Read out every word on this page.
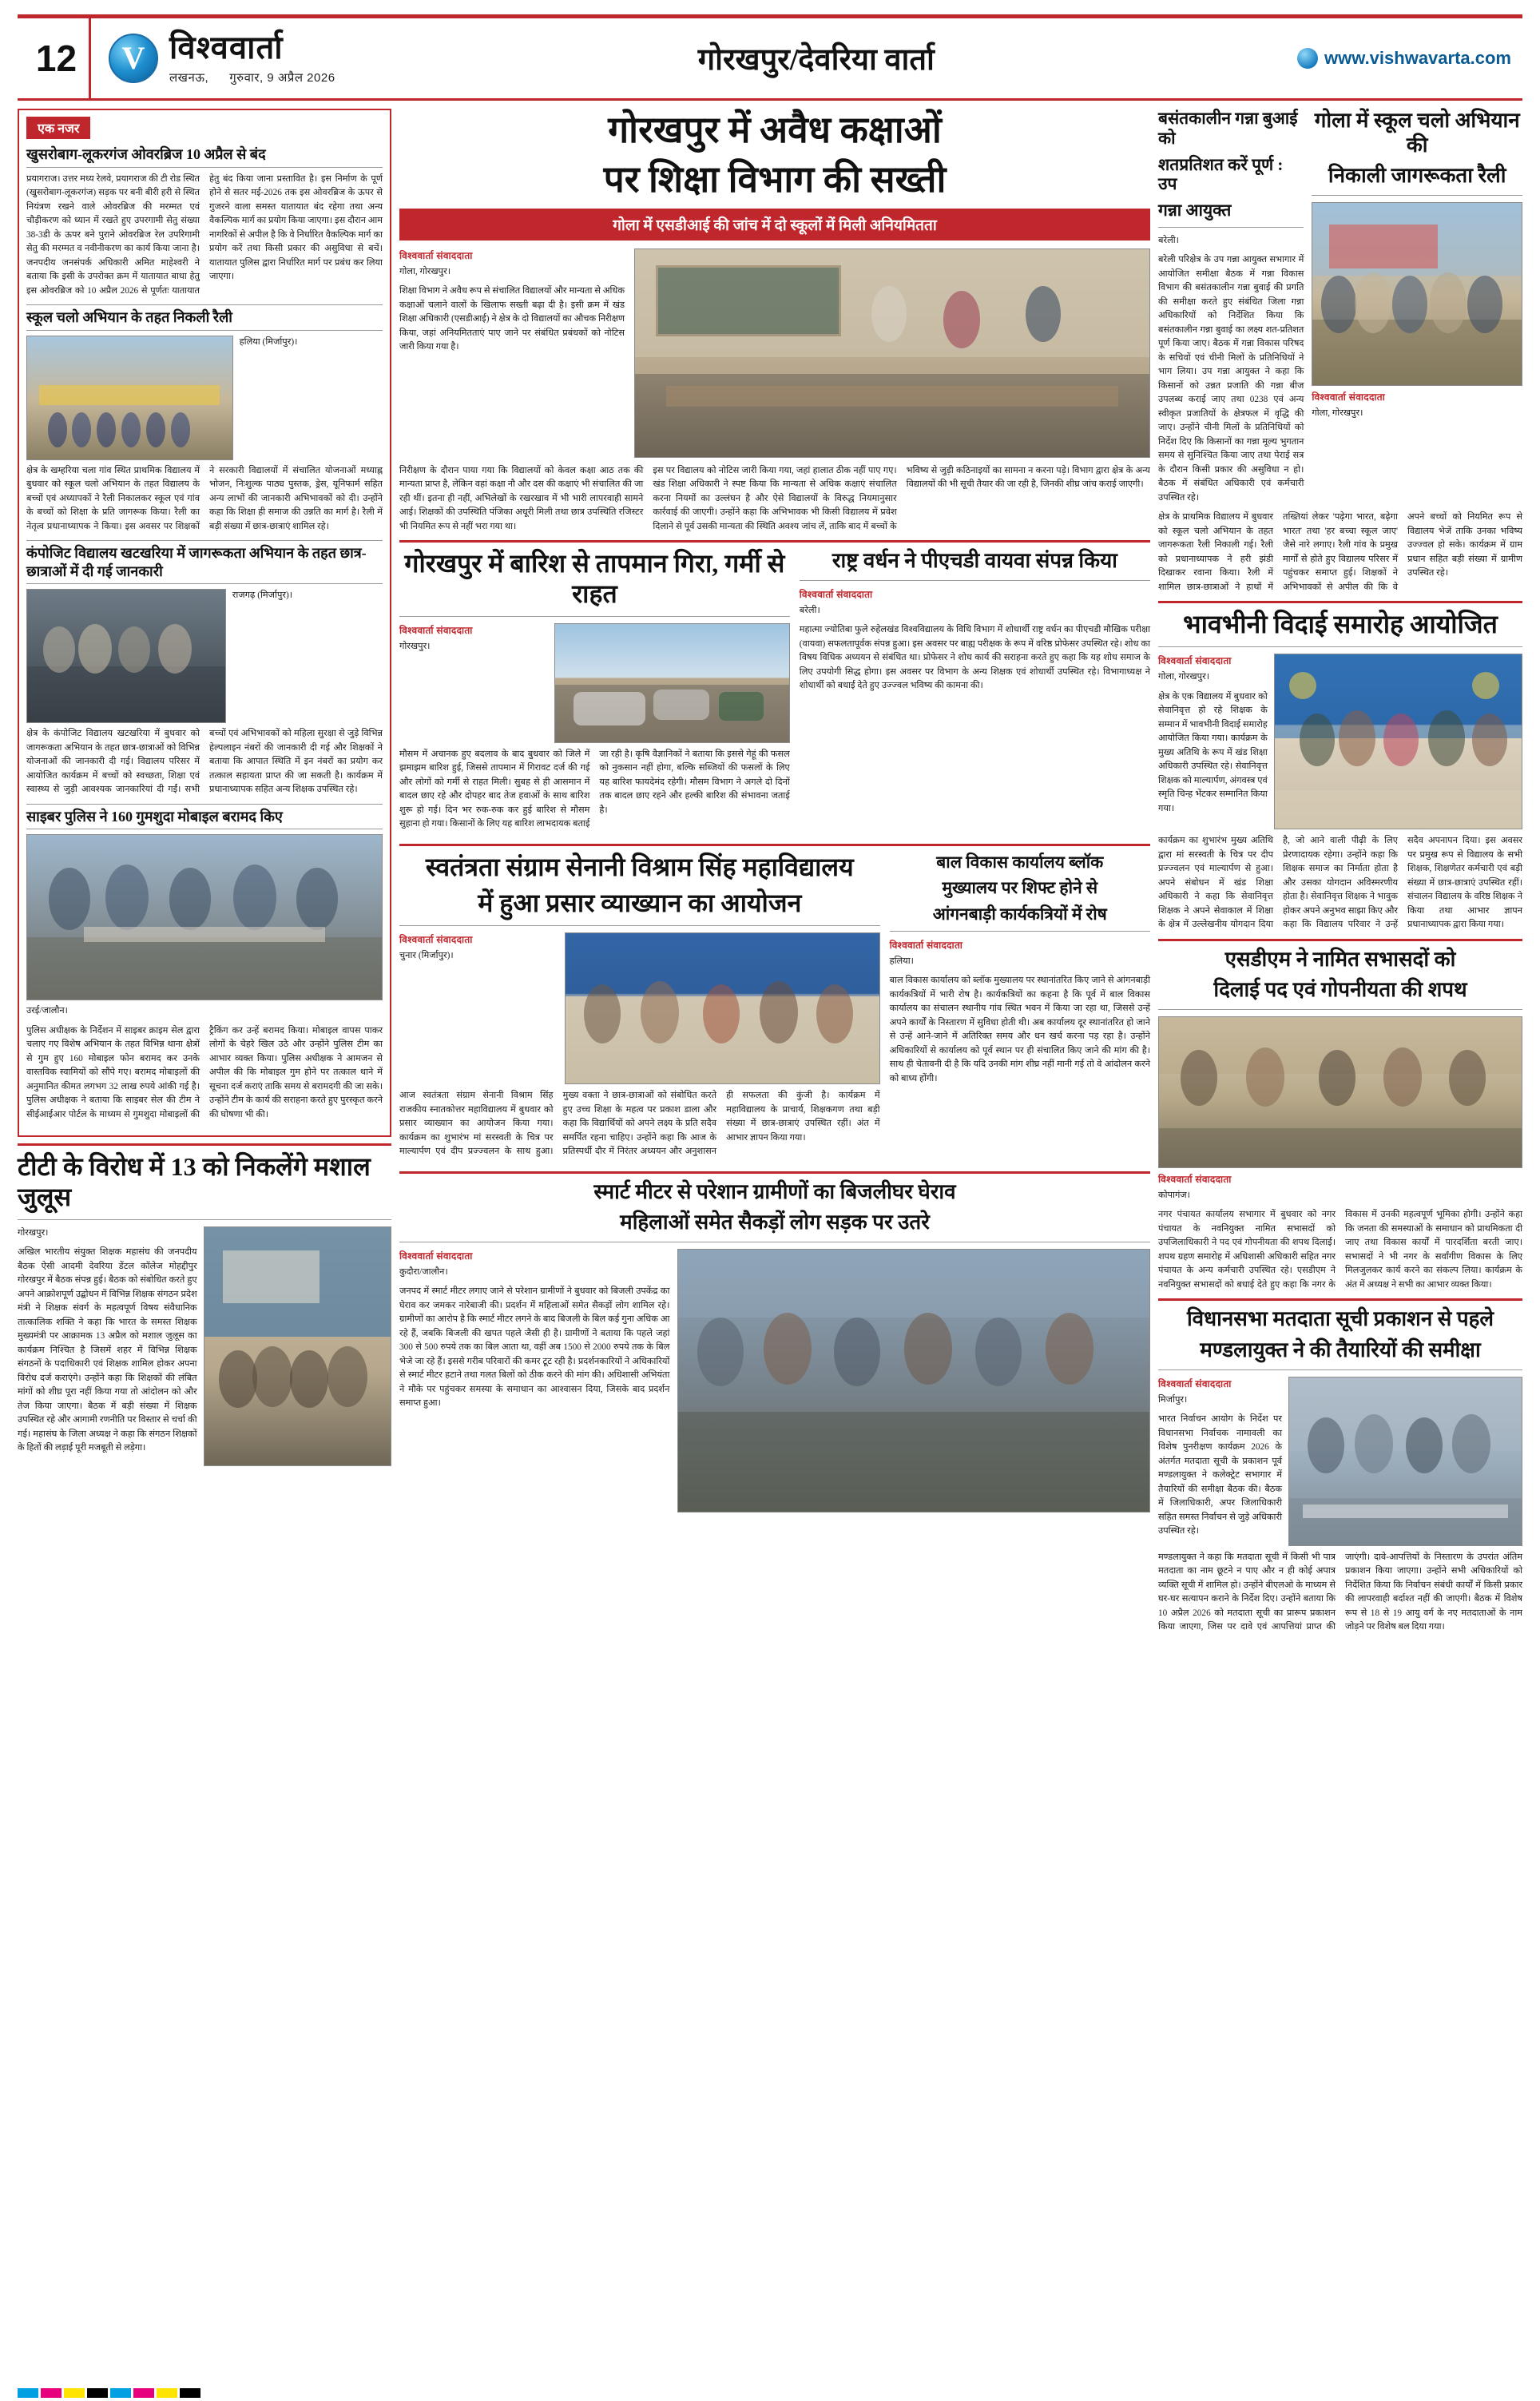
12	V विश्ववार्ता
लखनऊ, गुरुवार, 9 अप्रैल 2026
गोरखपुर/देवरिया वार्ता	www.vishwavarta.com
एक नजर
खुसरोबाग-लूकरगंज ओवरब्रिज 10 अप्रैल से बंद

प्रयागराज। उत्तर मध्य रेलवे, प्रयागराज की टी रोड स्थित (खुसरोबाग-लूकरगंज) सड़क पर बनी बीरी हरी से स्थित नियंत्रण रखने वाले ओवरब्रिज की मरम्मत एवं चौड़ीकरण को ध्यान में रखते हुए उपरगामी सेतु संख्या 38-3डी के ऊपर बने पुराने ओवरब्रिज रेल उपरिगामी सेतु की मरम्मत व नवीनीकरण का कार्य किया जाना है। जनपदीय जनसंपर्क अधिकारी अमित माहेश्वरी ने बताया कि इसी के उपरोक्त क्रम में यातायात बाधा हेतु इस ओवरब्रिज को 10 अप्रैल 2026 से पूर्णतः यातायात हेतु बंद किया जाना प्रस्तावित है। इस निर्माण के पूर्ण होने से सतर मई-2026 तक इस ओवरब्रिज के ऊपर से गुजरने वाला समस्त यातायात बंद रहेगा तथा अन्य वैकल्पिक मार्ग का प्रयोग किया जाएगा। इस दौरान आम नागरिकों से अपील है कि वे निर्धारित वैकल्पिक मार्ग का प्रयोग करें तथा किसी प्रकार की असुविधा से बचें। यातायात पुलिस द्वारा निर्धारित मार्ग पर प्रबंध कर लिया जाएगा।

स्कूल चलो अभियान के तहत निकली रैली

हलिया (मिर्जापुर)।

क्षेत्र के खम्हरिया चला गांव स्थित प्राथमिक विद्यालय में बुधवार को स्कूल चलो अभियान के तहत विद्यालय के बच्चों एवं अध्यापकों ने रैली निकालकर स्कूल एवं गांव के बच्चों को शिक्षा के प्रति जागरूक किया। रैली का नेतृत्व प्रधानाध्यापक ने किया। इस अवसर पर शिक्षकों ने सरकारी विद्यालयों में संचालित योजनाओं मध्याह्न भोजन, निःशुल्क पाठ्य पुस्तक, ड्रेस, यूनिफार्म सहित अन्य लाभों की जानकारी अभिभावकों को दी। उन्होंने कहा कि शिक्षा ही समाज की उन्नति का मार्ग है। रैली में बड़ी संख्या में छात्र-छात्राएं शामिल रहे।

कंपोजिट विद्यालय खटखरिया में जागरूकता अभियान के तहत छात्र-छात्राओं में दी गई जानकारी

राजगढ़ (मिर्जापुर)।

क्षेत्र के कंपोजिट विद्यालय खटखरिया में बुधवार को जागरूकता अभियान के तहत छात्र-छात्राओं को विभिन्न योजनाओं की जानकारी दी गई। विद्यालय परिसर में आयोजित कार्यक्रम में बच्चों को स्वच्छता, शिक्षा एवं स्वास्थ्य से जुड़ी आवश्यक जानकारियां दी गईं। सभी बच्चों एवं अभिभावकों को महिला सुरक्षा से जुड़े विभिन्न हेल्पलाइन नंबरों की जानकारी दी गई और शिक्षकों ने बताया कि आपात स्थिति में इन नंबरों का प्रयोग कर तत्काल सहायता प्राप्त की जा सकती है। कार्यक्रम में प्रधानाध्यापक सहित अन्य शिक्षक उपस्थित रहे।

साइबर पुलिस ने 160 गुमशुदा मोबाइल बरामद किए

उरई/जालौन।

पुलिस अधीक्षक के निर्देशन में साइबर क्राइम सेल द्वारा चलाए गए विशेष अभियान के तहत विभिन्न थाना क्षेत्रों से गुम हुए 160 मोबाइल फोन बरामद कर उनके वास्तविक स्वामियों को सौंपे गए। बरामद मोबाइलों की अनुमानित कीमत लगभग 32 लाख रुपये आंकी गई है। पुलिस अधीक्षक ने बताया कि साइबर सेल की टीम ने सीईआईआर पोर्टल के माध्यम से गुमशुदा मोबाइलों की ट्रैकिंग कर उन्हें बरामद किया। मोबाइल वापस पाकर लोगों के चेहरे खिल उठे और उन्होंने पुलिस टीम का आभार व्यक्त किया। पुलिस अधीक्षक ने आमजन से अपील की कि मोबाइल गुम होने पर तत्काल थाने में सूचना दर्ज कराएं ताकि समय से बरामदगी की जा सके। उन्होंने टीम के कार्य की सराहना करते हुए पुरस्कृत करने की घोषणा भी की।

टीटी के विरोध में 13 को निकलेंगे मशाल जुलूस

गोरखपुर।

अखिल भारतीय संयुक्त शिक्षक महासंघ की जनपदीय बैठक ऐसी आदमी देवरिया डेंटल कॉलेज मोहद्दीपुर गोरखपुर में बैठक संपन्न हुई। बैठक को संबोधित करते हुए अपने आक्रोशपूर्ण उद्बोधन में विभिन्न शिक्षक संगठन प्रदेश मंत्री ने शिक्षक संवर्ग के महत्वपूर्ण विषय संवैधानिक तात्कालिक शक्ति ने कहा कि भारत के समस्त शिक्षक मुख्यमंत्री पर आक्रामक 13 अप्रैल को मशाल जुलूस का कार्यक्रम निश्चित है जिसमें शहर में विभिन्न शिक्षक संगठनों के पदाधिकारी एवं शिक्षक शामिल होकर अपना विरोध दर्ज कराएंगे। उन्होंने कहा कि शिक्षकों की लंबित मांगों को शीघ्र पूरा नहीं किया गया तो आंदोलन को और तेज किया जाएगा। बैठक में बड़ी संख्या में शिक्षक उपस्थित रहे और आगामी रणनीति पर विस्तार से चर्चा की गई। महासंघ के जिला अध्यक्ष ने कहा कि संगठन शिक्षकों के हितों की लड़ाई पूरी मजबूती से लड़ेगा।

गोरखपुर में अवैध कक्षाओं
पर शिक्षा विभाग की सख्ती
गोला में एसडीआई की जांच में दो स्कूलों में मिली अनियमितता
विश्ववार्ता संवाददाता

गोला, गोरखपुर।

शिक्षा विभाग ने अवैध रूप से संचालित विद्यालयों और मान्यता से अधिक कक्षाओं चलाने वालों के खिलाफ सख्ती बढ़ा दी है। इसी क्रम में खंड शिक्षा अधिकारी (एसडीआई) ने क्षेत्र के दो विद्यालयों का औचक निरीक्षण किया, जहां अनियमितताएं पाए जाने पर संबंधित प्रबंधकों को नोटिस जारी किया गया है।

निरीक्षण के दौरान पाया गया कि विद्यालयों को केवल कक्षा आठ तक की मान्यता प्राप्त है, लेकिन वहां कक्षा नौ और दस की कक्षाएं भी संचालित की जा रही थीं। इतना ही नहीं, अभिलेखों के रखरखाव में भी भारी लापरवाही सामने आई। शिक्षकों की उपस्थिति पंजिका अधूरी मिली तथा छात्र उपस्थिति रजिस्टर भी नियमित रूप से नहीं भरा गया था।

इस पर विद्यालय को नोटिस जारी किया गया, जहां हालात ठीक नहीं पाए गए। खंड शिक्षा अधिकारी ने स्पष्ट किया कि मान्यता से अधिक कक्षाएं संचालित करना नियमों का उल्लंघन है और ऐसे विद्यालयों के विरुद्ध नियमानुसार कार्रवाई की जाएगी। उन्होंने कहा कि अभिभावक भी किसी विद्यालय में प्रवेश दिलाने से पूर्व उसकी मान्यता की स्थिति अवश्य जांच लें, ताकि बाद में बच्चों के भविष्य से जुड़ी कठिनाइयों का सामना न करना पड़े। विभाग द्वारा क्षेत्र के अन्य विद्यालयों की भी सूची तैयार की जा रही है, जिनकी शीघ्र जांच कराई जाएगी।

गोरखपुर में बारिश से तापमान गिरा, गर्मी से राहत
विश्ववार्ता संवाददाता

गोरखपुर।

मौसम में अचानक हुए बदलाव के बाद बुधवार को जिले में झमाझम बारिश हुई, जिससे तापमान में गिरावट दर्ज की गई और लोगों को गर्मी से राहत मिली। सुबह से ही आसमान में बादल छाए रहे और दोपहर बाद तेज हवाओं के साथ बारिश शुरू हो गई। दिन भर रुक-रुक कर हुई बारिश से मौसम सुहाना हो गया। किसानों के लिए यह बारिश लाभदायक बताई जा रही है। कृषि वैज्ञानिकों ने बताया कि इससे गेहूं की फसल को नुकसान नहीं होगा, बल्कि सब्जियों की फसलों के लिए यह बारिश फायदेमंद रहेगी। मौसम विभाग ने अगले दो दिनों तक बादल छाए रहने और हल्की बारिश की संभावना जताई है।

राष्ट्र वर्धन ने पीएचडी वायवा संपन्न किया
विश्ववार्ता संवाददाता

बरेली।

महात्मा ज्योतिबा फुले रुहेलखंड विश्वविद्यालय के विधि विभाग में शोधार्थी राष्ट्र वर्धन का पीएचडी मौखिक परीक्षा (वायवा) सफलतापूर्वक संपन्न हुआ। इस अवसर पर बाह्य परीक्षक के रूप में वरिष्ठ प्रोफेसर उपस्थित रहे। शोध का विषय विधिक अध्ययन से संबंधित था। प्रोफेसर ने शोध कार्य की सराहना करते हुए कहा कि यह शोध समाज के लिए उपयोगी सिद्ध होगा। इस अवसर पर विभाग के अन्य शिक्षक एवं शोधार्थी उपस्थित रहे। विभागाध्यक्ष ने शोधार्थी को बधाई देते हुए उज्ज्वल भविष्य की कामना की।

स्वतंत्रता संग्राम सेनानी विश्राम सिंह महाविद्यालय
में हुआ प्रसार व्याख्यान का आयोजन
विश्ववार्ता संवाददाता

चुनार (मिर्जापुर)।

आज स्वतंत्रता संग्राम सेनानी विश्राम सिंह राजकीय स्नातकोत्तर महाविद्यालय में बुधवार को प्रसार व्याख्यान का आयोजन किया गया। कार्यक्रम का शुभारंभ मां सरस्वती के चित्र पर माल्यार्पण एवं दीप प्रज्ज्वलन के साथ हुआ। मुख्य वक्ता ने छात्र-छात्राओं को संबोधित करते हुए उच्च शिक्षा के महत्व पर प्रकाश डाला और कहा कि विद्यार्थियों को अपने लक्ष्य के प्रति सदैव समर्पित रहना चाहिए। उन्होंने कहा कि आज के प्रतिस्पर्धी दौर में निरंतर अध्ययन और अनुशासन ही सफलता की कुंजी है। कार्यक्रम में महाविद्यालय के प्राचार्य, शिक्षकगण तथा बड़ी संख्या में छात्र-छात्राएं उपस्थित रहीं। अंत में आभार ज्ञापन किया गया।

बाल विकास कार्यालय ब्लॉक
मुख्यालय पर शिफ्ट होने से
आंगनबाड़ी कार्यकत्रियों में रोष
विश्ववार्ता संवाददाता

हलिया।

बाल विकास कार्यालय को ब्लॉक मुख्यालय पर स्थानांतरित किए जाने से आंगनबाड़ी कार्यकत्रियों में भारी रोष है। कार्यकत्रियों का कहना है कि पूर्व में बाल विकास कार्यालय का संचालन स्थानीय गांव स्थित भवन में किया जा रहा था, जिससे उन्हें अपने कार्यों के निस्तारण में सुविधा होती थी। अब कार्यालय दूर स्थानांतरित हो जाने से उन्हें आने-जाने में अतिरिक्त समय और धन खर्च करना पड़ रहा है। उन्होंने अधिकारियों से कार्यालय को पूर्व स्थान पर ही संचालित किए जाने की मांग की है। साथ ही चेतावनी दी है कि यदि उनकी मांग शीघ्र नहीं मानी गई तो वे आंदोलन करने को बाध्य होंगी।

स्मार्ट मीटर से परेशान ग्रामीणों का बिजलीघर घेराव
महिलाओं समेत सैकड़ों लोग सड़क पर उतरे
विश्ववार्ता संवाददाता

कुदौरा/जालौन।

जनपद में स्मार्ट मीटर लगाए जाने से परेशान ग्रामीणों ने बुधवार को बिजली उपकेंद्र का घेराव कर जमकर नारेबाजी की। प्रदर्शन में महिलाओं समेत सैकड़ों लोग शामिल रहे। ग्रामीणों का आरोप है कि स्मार्ट मीटर लगने के बाद बिजली के बिल कई गुना अधिक आ रहे हैं, जबकि बिजली की खपत पहले जैसी ही है। ग्रामीणों ने बताया कि पहले जहां 300 से 500 रुपये तक का बिल आता था, वहीं अब 1500 से 2000 रुपये तक के बिल भेजे जा रहे हैं। इससे गरीब परिवारों की कमर टूट रही है। प्रदर्शनकारियों ने अधिकारियों से स्मार्ट मीटर हटाने तथा गलत बिलों को ठीक करने की मांग की। अधिशासी अभियंता ने मौके पर पहुंचकर समस्या के समाधान का आश्वासन दिया, जिसके बाद प्रदर्शन समाप्त हुआ।

बसंतकालीन गन्ना बुआई को
शतप्रतिशत करें पूर्ण : उप
गन्ना आयुक्त

बरेली।

बरेली परिक्षेत्र के उप गन्ना आयुक्त सभागार में आयोजित समीक्षा बैठक में गन्ना विकास विभाग की बसंतकालीन गन्ना बुवाई की प्रगति की समीक्षा करते हुए संबंधित जिला गन्ना अधिकारियों को निर्देशित किया कि बसंतकालीन गन्ना बुवाई का लक्ष्य शत-प्रतिशत पूर्ण किया जाए। बैठक में गन्ना विकास परिषद के सचिवों एवं चीनी मिलों के प्रतिनिधियों ने भाग लिया। उप गन्ना आयुक्त ने कहा कि किसानों को उन्नत प्रजाति की गन्ना बीज उपलब्ध कराई जाए तथा 0238 एवं अन्य स्वीकृत प्रजातियों के क्षेत्रफल में वृद्धि की जाए। उन्होंने चीनी मिलों के प्रतिनिधियों को निर्देश दिए कि किसानों का गन्ना मूल्य भुगतान समय से सुनिश्चित किया जाए तथा पेराई सत्र के दौरान किसी प्रकार की असुविधा न हो। बैठक में संबंधित अधिकारी एवं कर्मचारी उपस्थित रहे।

गोला में स्कूल चलो अभियान की
निकाली जागरूकता रैली
विश्ववार्ता संवाददाता

गोला, गोरखपुर।

क्षेत्र के प्राथमिक विद्यालय में बुधवार को स्कूल चलो अभियान के तहत जागरूकता रैली निकाली गई। रैली को प्रधानाध्यापक ने हरी झंडी दिखाकर रवाना किया। रैली में शामिल छात्र-छात्राओं ने हाथों में तख्तियां लेकर 'पढ़ेगा भारत, बढ़ेगा भारत' तथा 'हर बच्चा स्कूल जाए' जैसे नारे लगाए। रैली गांव के प्रमुख मार्गों से होते हुए विद्यालय परिसर में पहुंचकर समाप्त हुई। शिक्षकों ने अभिभावकों से अपील की कि वे अपने बच्चों को नियमित रूप से विद्यालय भेजें ताकि उनका भविष्य उज्ज्वल हो सके। कार्यक्रम में ग्राम प्रधान सहित बड़ी संख्या में ग्रामीण उपस्थित रहे।

भावभीनी विदाई समारोह आयोजित
विश्ववार्ता संवाददाता

गोला, गोरखपुर।

क्षेत्र के एक विद्यालय में बुधवार को सेवानिवृत्त हो रहे शिक्षक के सम्मान में भावभीनी विदाई समारोह आयोजित किया गया। कार्यक्रम के मुख्य अतिथि के रूप में खंड शिक्षा अधिकारी उपस्थित रहे। सेवानिवृत्त शिक्षक को माल्यार्पण, अंगवस्त्र एवं स्मृति चिन्ह भेंटकर सम्मानित किया गया।

कार्यक्रम का शुभारंभ मुख्य अतिथि द्वारा मां सरस्वती के चित्र पर दीप प्रज्ज्वलन एवं माल्यार्पण से हुआ। अपने संबोधन में खंड शिक्षा अधिकारी ने कहा कि सेवानिवृत्त शिक्षक ने अपने सेवाकाल में शिक्षा के क्षेत्र में उल्लेखनीय योगदान दिया है, जो आने वाली पीढ़ी के लिए प्रेरणादायक रहेगा। उन्होंने कहा कि शिक्षक समाज का निर्माता होता है और उसका योगदान अविस्मरणीय होता है। सेवानिवृत्त शिक्षक ने भावुक होकर अपने अनुभव साझा किए और कहा कि विद्यालय परिवार ने उन्हें सदैव अपनापन दिया। इस अवसर पर प्रमुख रूप से विद्यालय के सभी शिक्षक, शिक्षणेतर कर्मचारी एवं बड़ी संख्या में छात्र-छात्राएं उपस्थित रहीं। संचालन विद्यालय के वरिष्ठ शिक्षक ने किया तथा आभार ज्ञापन प्रधानाध्यापक द्वारा किया गया।

एसडीएम ने नामित सभासदों को
दिलाई पद एवं गोपनीयता की शपथ
विश्ववार्ता संवाददाता

कोपागंज।

नगर पंचायत कार्यालय सभागार में बुधवार को नगर पंचायत के नवनियुक्त नामित सभासदों को उपजिलाधिकारी ने पद एवं गोपनीयता की शपथ दिलाई। शपथ ग्रहण समारोह में अधिशासी अधिकारी सहित नगर पंचायत के अन्य कर्मचारी उपस्थित रहे। एसडीएम ने नवनियुक्त सभासदों को बधाई देते हुए कहा कि नगर के विकास में उनकी महत्वपूर्ण भूमिका होगी। उन्होंने कहा कि जनता की समस्याओं के समाधान को प्राथमिकता दी जाए तथा विकास कार्यों में पारदर्शिता बरती जाए। सभासदों ने भी नगर के सर्वांगीण विकास के लिए मिलजुलकर कार्य करने का संकल्प लिया। कार्यक्रम के अंत में अध्यक्ष ने सभी का आभार व्यक्त किया।

विधानसभा मतदाता सूची प्रकाशन से पहले
मण्डलायुक्त ने की तैयारियों की समीक्षा
विश्ववार्ता संवाददाता

मिर्जापुर।

भारत निर्वाचन आयोग के निर्देश पर विधानसभा निर्वाचक नामावली का विशेष पुनरीक्षण कार्यक्रम 2026 के अंतर्गत मतदाता सूची के प्रकाशन पूर्व मण्डलायुक्त ने कलेक्ट्रेट सभागार में तैयारियों की समीक्षा बैठक की। बैठक में जिलाधिकारी, अपर जिलाधिकारी सहित समस्त निर्वाचन से जुड़े अधिकारी उपस्थित रहे।

मण्डलायुक्त ने कहा कि मतदाता सूची में किसी भी पात्र मतदाता का नाम छूटने न पाए और न ही कोई अपात्र व्यक्ति सूची में शामिल हो। उन्होंने बीएलओ के माध्यम से घर-घर सत्यापन कराने के निर्देश दिए। उन्होंने बताया कि 10 अप्रैल 2026 को मतदाता सूची का प्रारूप प्रकाशन किया जाएगा, जिस पर दावे एवं आपत्तियां प्राप्त की जाएंगी। दावे-आपत्तियों के निस्तारण के उपरांत अंतिम प्रकाशन किया जाएगा। उन्होंने सभी अधिकारियों को निर्देशित किया कि निर्वाचन संबंधी कार्यों में किसी प्रकार की लापरवाही बर्दाश्त नहीं की जाएगी। बैठक में विशेष रूप से 18 से 19 आयु वर्ग के नए मतदाताओं के नाम जोड़ने पर विशेष बल दिया गया।
